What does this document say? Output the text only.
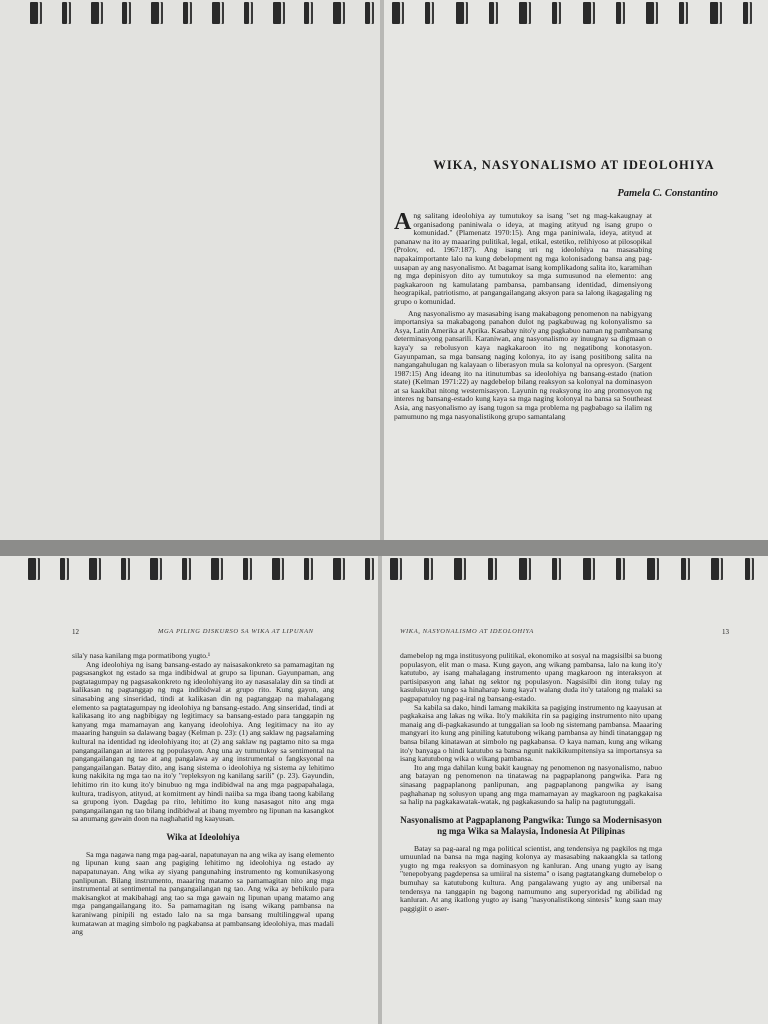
WIKA, NASYONALISMO AT IDEOLOHIYA
Pamela C. Constantino

Ang salitang ideolohiya ay tumutukoy sa isang "set ng mag-kakaugnay at organisadong paniniwala o ideya, at maging atityud ng isang grupo o komunidad." (Plamenatz 1970:15). Ang mga paniniwala, ideya, atityud at pananaw na ito ay maaaring pulitikal, legal, etikal, estetiko, relihiyoso at pilosopikal (Prolov, ed. 1967:187). Ang isang uri ng ideolohiya na masasabing napakaimportante lalo na kung debelopment ng mga kolonisadong bansa ang pag-uusapan ay ang nasyonalismo. At bagamat isang komplikadong salita ito, karamihan ng mga depinisyon dito ay tumutukoy sa mga sumusunod na elemento: ang pagkakaroon ng kamulatang pambansa, pambansang identidad, dimensiyong heograpikal, patriotismo, at pangangailangang aksyon para sa lalong ikagagaling ng grupo o komunidad.

Ang nasyonalismo ay masasabing isang makabagong penomenon na nabigyang importansiya sa makabagong panahon dulot ng pagkabuwag ng kolonyalismo sa Asya, Latin Amerika at Aprika. Kasabay nito'y ang pagkabuo naman ng pambansang determinasyong pansarili. Karaniwan, ang nasyonalismo ay inuugnay sa digmaan o kaya'y sa rebolusyon kaya nagkakaroon ito ng negatibong konotasyon. Gayunpaman, sa mga bansang naging kolonya, ito ay isang positibong salita na nangangahulugan ng kalayaan o liberasyon mula sa kolonyal na opresyon. (Sargent 1987:15) Ang ideang ito na itinutumbas sa ideolohiya ng bansang-estado (nation state) (Kelman 1971:22) ay nagdebelop bilang reaksyon sa kolonyal na dominasyon at sa kaakibat nitong westernisasyon. Layunin ng reaksyong ito ang promosyon ng interes ng bansang-estado kung kaya sa mga naging kolonyal na bansa sa Southeast Asia, ang nasyonalismo ay isang tugon sa mga problema ng pagbabago sa ilalim ng pamumuno ng mga nasyonalistikong grupo samantalang

12	MGA PILING DISKURSO SA WIKA AT LIPUNAN

sila'y nasa kanilang mga pormatibong yugto.¹

Ang ideolohiya ng isang bansang-estado ay naisasakonkreto sa pamamagitan ng pagsasangkot ng estado sa mga indibidwal at grupo sa lipunan. Gayunpaman, ang pagtatagumpay ng pagsasakonkreto ng ideolohiyang ito ay nasasalalay din sa tindi at kalikasan ng pagtanggap ng mga indibidwal at grupo rito. Kung gayon, ang sinasabing ang sinseridad, tindi at kalikasan din ng pagtanggap na mahalagang elemento sa pagtatagumpay ng ideolohiya ng bansang-estado. Ang sinseridad, tindi at kalikasang ito ang nagbibigay ng legitimacy sa bansang-estado para tanggapin ng kanyang mga mamamayan ang kanyang ideolohiya. Ang legitimacy na ito ay maaaring hanguin sa dalawang bagay (Kelman p. 23): (1) ang saklaw ng pagsalaming kultural na identidad ng ideolohiyang ito; at (2) ang saklaw ng pagtamo nito sa mga pangangailangan at interes ng populasyon. Ang una ay tumutukoy sa sentimental na pangangailangan ng tao at ang pangalawa ay ang instrumental o fangksyonal na pangangailangan. Batay dito, ang isang sistema o ideolohiya ng sistema ay lehitimo kung nakikita ng mga tao na ito'y "repleksyon ng kanilang sarili" (p. 23). Gayundin, lehitimo rin ito kung ito'y binubuo ng mga indibidwal na ang mga pagpapahalaga, kultura, tradisyon, atityud, at komitment ay hindi naiiba sa mga ibang taong kabilang sa grupong iyon. Dagdag pa rito, lehitimo ito kung nasasagot nito ang mga pangangailangan ng tao bilang indibidwal at ibang myembro ng lipunan na kasangkot sa anumang gawain doon na naghahatid ng kaayusan.

Wika at Ideolohiya

Sa mga nagawa nang mga pag-aaral, napatunayan na ang wika ay isang elemento ng lipunan kung saan ang pagiging lehitimo ng ideolohiya ng estado ay napapatunayan. Ang wika ay siyang pangunahing instrumento ng komunikasyong panlipunan. Bilang instrumento, maaaring matamo sa pamamagitan nito ang mga instrumental at sentimental na pangangailangan ng tao. Ang wika ay behikulo para makisangkot at makibahagi ang tao sa mga gawain ng lipunan upang matamo ang mga pangangailangang ito. Sa pamamagitan ng isang wikang pambansa na karaniwang pinipili ng estado lalo na sa mga bansang multilinggwal upang kumatawan at maging simbolo ng pagkabansa at pambansang ideolohiya, mas madali ang

WIKA, NASYONALISMO AT IDEOLOHIYA	13

damebelop ng mga institusyong pulitikal, ekonomiko at sosyal na magsisilbi sa buong populasyon, elit man o masa. Kung gayon, ang wikang pambansa, lalo na kung ito'y katutubo, ay isang mahalagang instrumento upang magkaroon ng interaksyon at partisipasyon ang lahat ng sektor ng populasyon. Nagsisilbi din itong tulay ng kasulukuyan tungo sa hinaharap kung kaya't walang duda ito'y tatalong ng malaki sa pagpapatuloy ng pag-iral ng bansang-estado.

Sa kabila sa dako, hindi lamang makikita sa pagiging instrumento ng kaayusan at pagkakaisa ang lakas ng wika. Ito'y makikita rin sa pagiging instrumento nito upang manaig ang di-pagkakasundo at tunggalian sa loob ng sistemang pambansa. Maaaring mangyari ito kung ang piniling katutubong wikang pambansa ay hindi tinatanggap ng bansa bilang kinatawan at simbolo ng pagkabansa. O kaya naman, kung ang wikang ito'y banyaga o hindi katutubo sa bansa ngunit nakikikumpitensiya sa importansya sa isang katutubong wika o wikang pambansa.

Ito ang mga dahilan kung bakit kaugnay ng penomenon ng nasyonalismo, nabuo ang batayan ng penomenon na tinatawag na pagpaplanong pangwika. Para ng sinasang pagpaplanong panlipunan, ang pagpaplanong pangwika ay isang paghahanap ng solusyon upang ang mga mamamayan ay magkaroon ng pagkakaisa sa halip na pagkakawatak-watak, ng pagkakasundo sa halip na pagtutunggali.

Nasyonalismo at Pagpaplanong Pangwika: Tungo sa Modernisasyon ng mga Wika sa Malaysia, Indonesia At Pilipinas

Batay sa pag-aaral ng mga political scientist, ang tendensiya ng pagkilos ng mga umuunlad na bansa na mga naging kolonya ay masasabing nakaangkla sa tatlong yugto ng mga reaksyon sa dominasyon ng kanluran. Ang unang yugto ay isang "tenepobyang pagdepensa sa umiiral na sistema" o isang pagtatangkang dumebelop o bumuhay sa katutubong kultura. Ang pangalawang yugto ay ang unibersal na tendensya na tanggapin ng bagong namumuno ang superyoridad ng abilidad ng kanluran. At ang ikatlong yugto ay isang "nasyonalistikong sintesis" kung saan may paggigiit o aser-
